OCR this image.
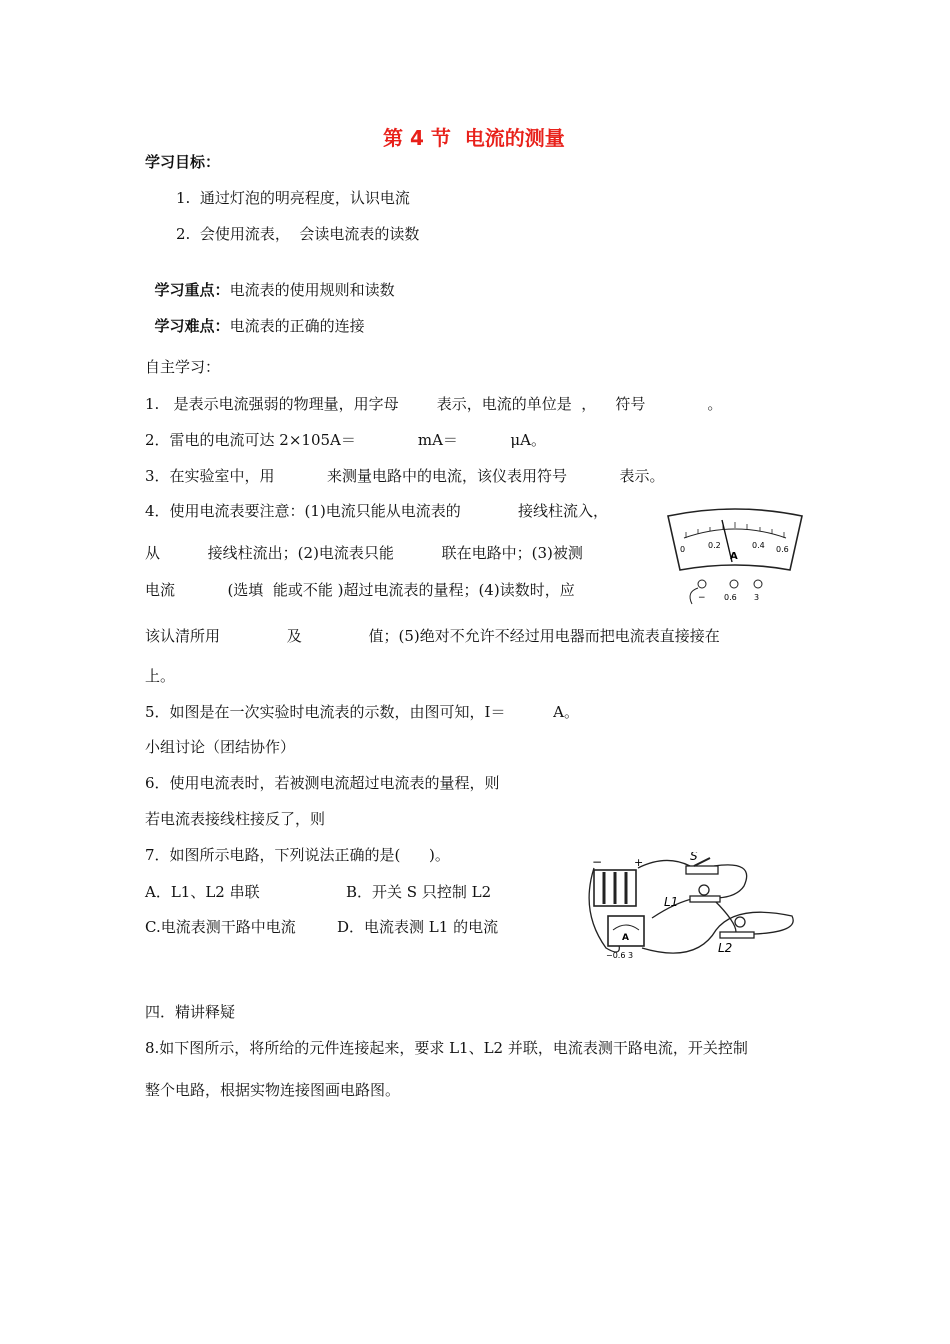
第 4 节  电流的测量
学习目标：
1.  通过灯泡的明亮程度，认识电流
2.  会使用流表，  会读电流表的读数

学习重点：电流表的使用规则和读数

学习难点：电流表的正确的连接

自主学习：
1.   是表示电流强弱的物理量，用字母        表示，电流的单位是  ，    符号             。
2．雷电的电流可达 2×105A＝             mA＝           μA。
3．在实验室中，用           来测量电路中的电流，该仪表用符号           表示。
4．使用电流表要注意：(1)电流只能从电流表的            接线柱流入，
从          接线柱流出；(2)电流表只能          联在电路中；(3)被测
电流           (选填  能或不能 )超过电流表的量程；(4)读数时，应
该认清所用              及              值；(5)绝对不允许不经过用电器而把电流表直接接在
上。
5．如图是在一次实验时电流表的示数，由图可知，I＝          A。
0	0.2	0.4 0.6
A
− 0.6 3
小组讨论（团结协作）
6．使用电流表时，若被测电流超过电流表的量程，则
若电流表接线柱接反了，则
7．如图所示电路，下列说法正确的是(      )。
A．L1、L2 串联	B．开关 S 只控制 L2
C.电流表测干路中电流	D．电流表测 L1 的电流
−	+	S
L1
L2
A
−0.6 3
四．精讲释疑
8.如下图所示，将所给的元件连接起来，要求 L1、L2 并联，电流表测干路电流，开关控制
整个电路，根据实物连接图画电路图。
